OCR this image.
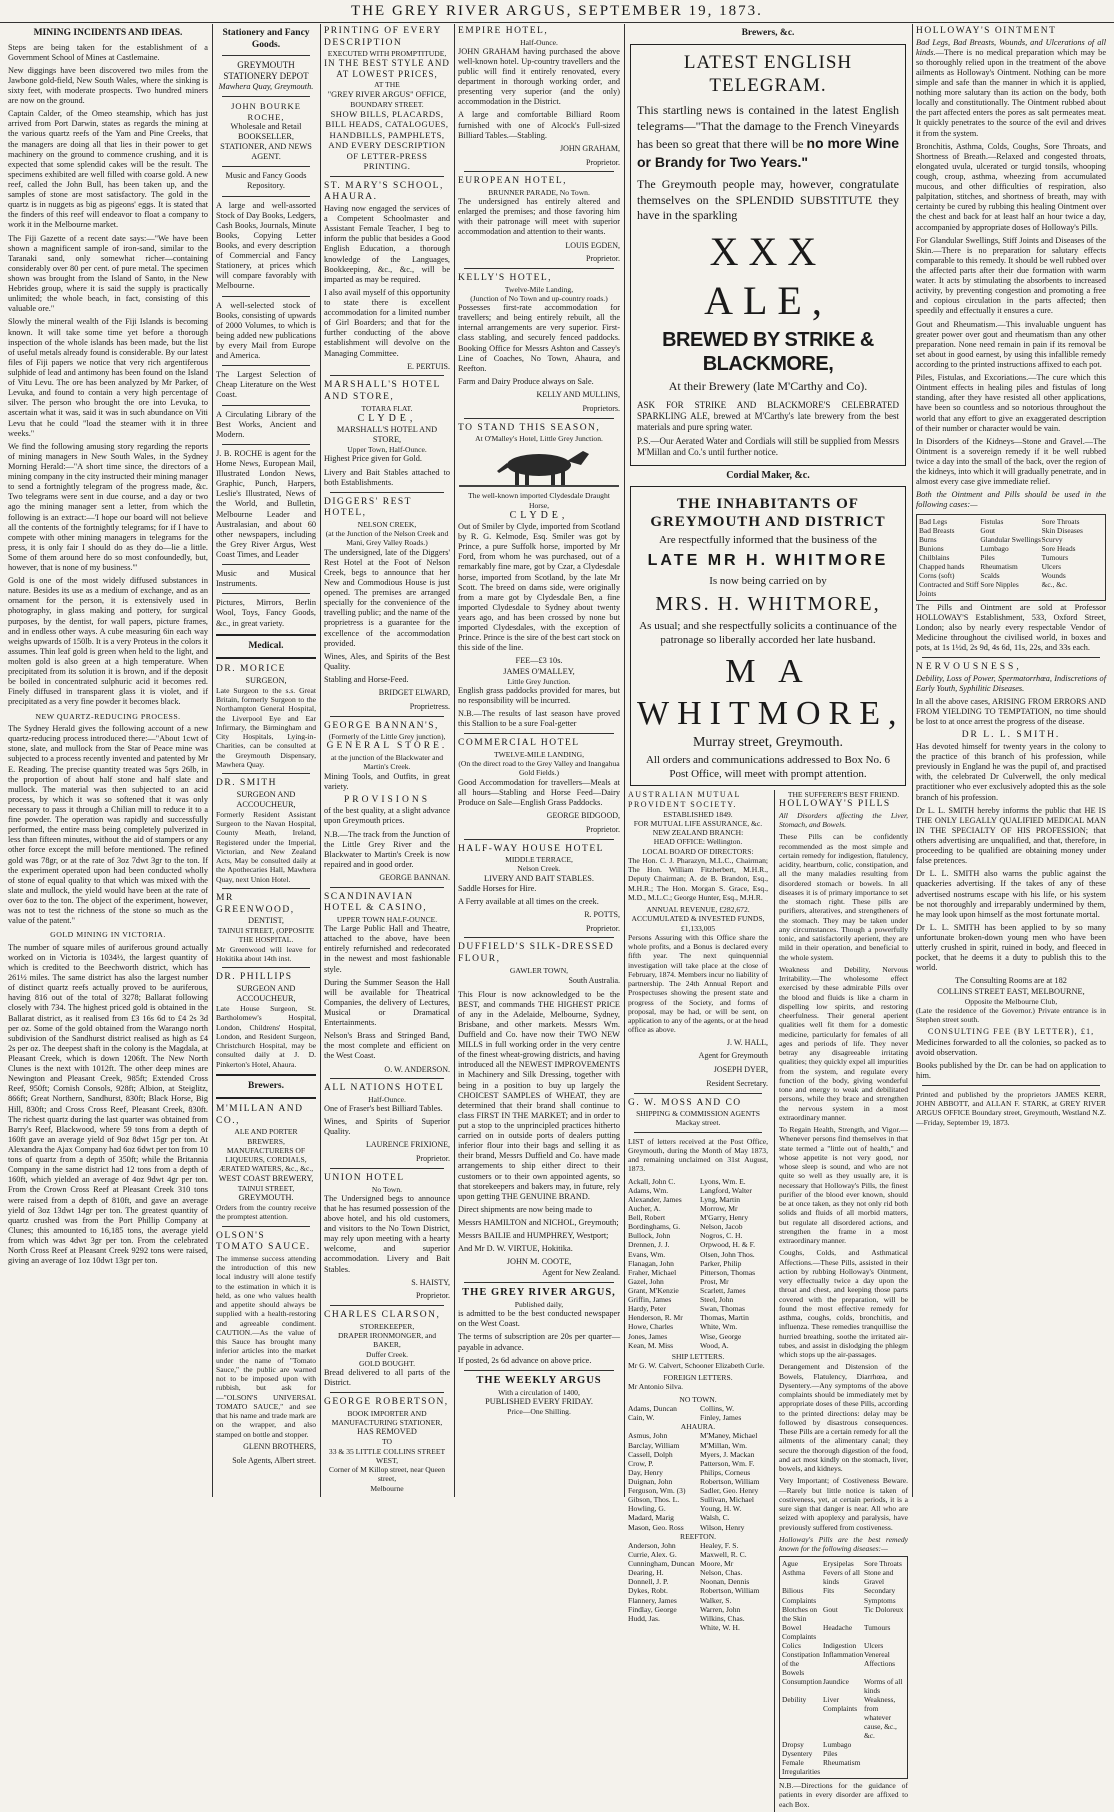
THE GREY RIVER ARGUS, SEPTEMBER 19, 1873.
MINING INCIDENTS AND IDEAS.

Steps are being taken for the establishment of a Government School of Mines at Castlemaine.

New diggings have been discovered two miles from the Jawbone gold-field, New South Wales, where the sinking is sixty feet, with moderate prospects. Two hundred miners are now on the ground.

Captain Calder, of the Omeo steamship, which has just arrived from Port Darwin, states as regards the mining at the various quartz reefs of the Yam and Pine Creeks, that the managers are doing all that lies in their power to get machinery on the ground to commence crushing, and it is expected that some splendid cakes will be the result. The specimens exhibited are well filled with coarse gold. A new reef, called the John Bull, has been taken up, and the samples of stone are most satisfactory. The gold in the quartz is in nuggets as big as pigeons' eggs. It is stated that the finders of this reef will endeavor to float a company to work it in the Melbourne market.

The Fiji Gazette of a recent date says:—"We have been shown a magnificent sample of iron-sand, similar to the Taranaki sand, only somewhat richer—containing considerably over 80 per cent. of pure metal. The specimen shown was brought from the Island of Santo, in the New Hebrides group, where it is said the supply is practically unlimited; the whole beach, in fact, consisting of this valuable ore."

Slowly the mineral wealth of the Fiji Islands is becoming known. It will take some time yet before a thorough inspection of the whole islands has been made, but the list of useful metals already found is considerable. By our latest files of Fiji papers we notice that very rich argentiferous sulphide of lead and antimony has been found on the Island of Vitu Levu. The ore has been analyzed by Mr Parker, of Levuka, and found to contain a very high percentage of silver. The person who brought the ore into Levuka, to ascertain what it was, said it was in such abundance on Viti Levu that he could "load the steamer with it in three weeks."

We find the following amusing story regarding the reports of mining managers in New South Wales, in the Sydney Morning Herald:—"A short time since, the directors of a mining company in the city instructed their mining manager to send a fortnightly telegram of the progress made, &c. Two telegrams were sent in due course, and a day or two ago the mining manager sent a letter, from which the following is an extract:—'I hope our board will not believe all the contents of the fortnightly telegrams; for if I have to compete with other mining managers in telegrams for the press, it is only fair I should do as they do—lie a little. Some of them around here do so most confoundedly, but, however, that is none of my business.'"

Gold is one of the most widely diffused substances in nature. Besides its use as a medium of exchange, and as an ornament for the person, it is extensively used in photography, in glass making and pottery, for surgical purposes, by the dentist, for wall papers, picture frames, and in endless other ways. A cube measuring 6in each way weighs upwards of 150lb. It is a very Proteus in the colors it assumes. Thin leaf gold is green when held to the light, and molten gold is also green at a high temperature. When precipitated from its solution it is brown, and if the deposit be boiled in concentrated sulphuric acid it becomes red. Finely diffused in transparent glass it is violet, and if precipitated as a very fine powder it becomes black.

NEW QUARTZ-REDUCING PROCESS.

The Sydney Herald gives the following account of a new quartz-reducing process introduced there:—"About 1cwt of stone, slate, and mullock from the Star of Peace mine was subjected to a process recently invented and patented by Mr E. Reading. The precise quantity treated was 5qrs 26lb, in the proportion of about half stone and half slate and mullock. The material was then subjected to an acid process, by which it was so softened that it was only necessary to pass it through a Chilian mill to reduce it to a fine powder. The operation was rapidly and successfully performed, the entire mass being completely pulverized in less than fifteen minutes, without the aid of stampers or any other force except the mill before mentioned. The refined gold was 78gr, or at the rate of 3oz 7dwt 3gr to the ton. If the experiment operated upon had been conducted wholly of stone of equal quality to that which was mixed with the slate and mullock, the yield would have been at the rate of over 6oz to the ton. The object of the experiment, however, was not to test the richness of the stone so much as the value of the patent."

GOLD MINING IN VICTORIA.

The number of square miles of auriferous ground actually worked on in Victoria is 1034½, the largest quantity of which is credited to the Beechworth district, which has 261½ miles. The same district has also the largest number of distinct quartz reefs actually proved to be auriferous, having 816 out of the total of 3278; Ballarat following closely with 734. The highest priced gold is obtained in the Ballarat district, as it realised from £3 16s 6d to £4 2s 3d per oz. Some of the gold obtained from the Warango north subdivision of the Sandhurst district realised as high as £4 2s per oz. The deepest shaft in the colony is the Magdala, at Pleasant Creek, which is down 1206ft. The New North Clunes is the next with 1012ft. The other deep mines are Newington and Pleasant Creek, 985ft; Extended Cross Reef, 950ft; Cornish Consols, 928ft; Albion, at Steiglitz, 866ft; Great Northern, Sandhurst, 830ft; Black Horse, Big Hill, 830ft; and Cross Cross Reef, Pleasant Creek, 830ft. The richest quartz during the last quarter was obtained from Barry's Reef, Blackwood, where 59 tons from a depth of 160ft gave an average yield of 9oz 8dwt 15gr per ton. At Alexandra the Ajax Company had 6oz 6dwt per ton from 10 tons of quartz from a depth of 350ft; while the Britannia Company in the same district had 12 tons from a depth of 160ft, which yielded an average of 4oz 9dwt 4gr per ton. From the Crown Cross Reef at Pleasant Creek 310 tons were raised from a depth of 810ft, and gave an average yield of 3oz 13dwt 14gr per ton. The greatest quantity of quartz crushed was from the Port Phillip Company at Clunes; this amounted to 16,185 tons, the average yield from which was 4dwt 3gr per ton. From the celebrated North Cross Reef at Pleasant Creek 9292 tons were raised, giving an average of 1oz 10dwt 13gr per ton.

Stationery and Fancy Goods.
GREYMOUTH STATIONERY DEPOT
Mawhera Quay, Greymouth.
JOHN BOURKE ROCHE,
Wholesale and Retail
BOOKSELLER, STATIONER, AND NEWS AGENT.
Music and Fancy Goods Repository.

A large and well-assorted Stock of Day Books, Ledgers, Cash Books, Journals, Minute Books, Copying Letter Books, and every description of Commercial and Fancy Stationery, at prices which will compare favorably with Melbourne.

A well-selected stock of Books, consisting of upwards of 2000 Volumes, to which is being added new publications by every Mail from Europe and America.

The Largest Selection of Cheap Literature on the West Coast.

A Circulating Library of the Best Works, Ancient and Modern.

J. B. ROCHE is agent for the Home News, European Mail, Illustrated London News, Graphic, Punch, Harpers, Leslie's Illustrated, News of the World, and Bulletin, Melbourne Leader and Australasian, and about 60 other newspapers, including the Grey River Argus, West Coast Times, and Leader

Music and Musical Instruments.

Pictures, Mirrors, Berlin Wool, Toys, Fancy Goods, &c., in great variety.

Medical.
DR. MORICE
SURGEON,

Late Surgeon to the s.s. Great Britain, formerly Surgeon to the Northampton General Hospital, the Liverpool Eye and Ear Infirmary, the Birmingham and City Hospitals, Lying-in-Charities, can be consulted at the Greymouth Dispensary, Mawhera Quay.

DR. SMITH
SURGEON AND ACCOUCHEUR,

Formerly Resident Assistant Surgeon to the Navan Hospital, County Meath, Ireland, Registered under the Imperial, Victorian, and New Zealand Acts, May be consulted daily at the Apothecaries Hall, Mawhera Quay, next Union Hotel.

MR GREENWOOD,
DENTIST,
TAINUI STREET, (OPPOSITE THE HOSPITAL.

Mr Greenwood will leave for Hokitika about 14th inst.

DR. PHILLIPS
SURGEON AND ACCOUCHEUR,

Late House Surgeon, St. Bartholomew's Hospital, London, Childrens' Hospital, London, and Resident Surgeon, Christchurch Hospital, may be consulted daily at J. D. Pinkerton's Hotel, Ahaura.

Brewers.
M'MILLAN AND CO.,
ALE AND PORTER BREWERS,
MANUFACTURERS OF LIQUEURS, CORDIALS, ÆRATED WATERS, &c., &c.,
WEST COAST BREWERY,
TAINUI STREET,
GREYMOUTH.

Orders from the country receive the promptest attention.

OLSON'S TOMATO SAUCE.

The immense success attending the introduction of this new local industry will alone testify to the estimation in which it is held, as one who values health and appetite should always be supplied with a health-restoring and agreeable condiment. CAUTION.—As the value of this Sauce has brought many inferior articles into the market under the name of "Tomato Sauce," the public are warned not to be imposed upon with rubbish, but ask for—"OLSON'S UNIVERSAL TOMATO SAUCE," and see that his name and trade mark are on the wrapper, and also stamped on bottle and stopper.

GLENN BROTHERS,
Sole Agents, Albert street.
PRINTING OF EVERY DESCRIPTION
EXECUTED WITH PROMPTITUDE,
IN THE BEST STYLE AND AT LOWEST PRICES,
AT THE
"GREY RIVER ARGUS" OFFICE,
BOUNDARY STREET.
SHOW BILLS, PLACARDS, BILL HEADS, CATALOGUES, HANDBILLS, PAMPHLETS,
AND EVERY DESCRIPTION OF LETTER-PRESS PRINTING.
ST. MARY'S SCHOOL, AHAURA.

Having now engaged the services of a Competent Schoolmaster and Assistant Female Teacher, I beg to inform the public that besides a Good English Education, a thorough knowledge of the Languages, Bookkeeping, &c., &c., will be imparted as may be required.

I also avail myself of this opportunity to state there is excellent accommodation for a limited number of Girl Boarders; and that for the further conducting of the above establishment will devolve on the Managing Committee.

E. PERTUIS.
MARSHALL'S HOTEL AND STORE,
TOTARA FLAT.
CLYDE,
MARSHALL'S HOTEL AND STORE,
Upper Town, Half-Ounce.

Highest Price given for Gold.

Livery and Bait Stables attached to both Establishments.

DIGGERS' REST HOTEL,
NELSON CREEK,
(at the Junction of the Nelson Creek and Mani, Grey Valley Roads.)

The undersigned, late of the Diggers' Rest Hotel at the Foot of Nelson Creek, begs to announce that her New and Commodious House is just opened. The premises are arranged specially for the convenience of the travelling public; and the name of the proprietress is a guarantee for the excellence of the accommodation provided.

Wines, Ales, and Spirits of the Best Quality.

Stabling and Horse-Feed.

BRIDGET ELWARD,
Proprietress.
GEORGE BANNAN'S,
(Formerly of the Little Grey junction),
GENERAL STORE.
at the junction of the Blackwater and Martin's Creek.

Mining Tools, and Outfits, in great variety.

PROVISIONS

of the best quality, at a slight advance upon Greymouth prices.

N.B.—The track from the Junction of the Little Grey River and the Blackwater to Martin's Creek is now repaired and in good order.

GEORGE BANNAN.
SCANDINAVIAN HOTEL & CASINO,
UPPER TOWN HALF-OUNCE.

The Large Public Hall and Theatre, attached to the above, have been entirely refurnished and redecorated in the newest and most fashionable style.

During the Summer Season the Hall will be available for Theatrical Companies, the delivery of Lectures, Musical or Dramatical Entertainments.

Nelson's Brass and Stringed Band, the most complete and efficient on the West Coast.

O. W. ANDERSON.
ALL NATIONS HOTEL
Half-Ounce.

One of Fraser's best Billiard Tables.

Wines, and Spirits of Superior Quality.

LAURENCE FRIXIONE,
Proprietor.
UNION HOTEL
No Town.

The Undersigned begs to announce that he has resumed possession of the above hotel, and his old customers, and visitors to the No Town District, may rely upon meeting with a hearty welcome, and superior accommodation. Livery and Bait Stables.

S. HAISTY,
Proprietor.
CHARLES CLARSON,
STOREKEEPER,
DRAPER IRONMONGER, and BAKER,
Duffer Creek.
GOLD BOUGHT.

Bread delivered to all parts of the District.

GEORGE ROBERTSON,
BOOK IMPORTER AND MANUFACTURING STATIONER,
HAS REMOVED
TO
33 & 35 LITTLE COLLINS STREET WEST,
Corner of M Killop street, near Queen street,
Melbourne
EMPIRE HOTEL,
Half-Ounce.

JOHN GRAHAM having purchased the above well-known hotel. Up-country travellers and the public will find it entirely renovated, every department in thorough working order, and presenting very superior (and the only) accommodation in the District.

A large and comfortable Billiard Room furnished with one of Alcock's Full-sized Billiard Tables.—Stabling.

JOHN GRAHAM,
Proprietor.
EUROPEAN HOTEL,
BRUNNER PARADE, No Town.

The undersigned has entirely altered and enlarged the premises; and those favoring him with their patronage will meet with superior accommodation and attention to their wants.

LOUIS EGDEN,
Proprietor.
KELLY'S HOTEL,
Twelve-Mile Landing,
(Junction of No Town and up-country roads.)

Possesses first-rate accommodation for travellers; and being entirely rebuilt, all the internal arrangements are very superior. First-class stabling, and securely fenced paddocks. Booking Office for Messrs Ashton and Cassey's Line of Coaches, No Town, Ahaura, and Reefton.

Farm and Dairy Produce always on Sale.

KELLY AND MULLINS,
Proprietors.
TO STAND THIS SEASON,
At O'Malley's Hotel, Little Grey Junction.
The well-known imported Clydesdale Draught Horse,
CLYDE,

Out of Smiler by Clyde, imported from Scotland by R. G. Kelmode, Esq. Smiler was got by Prince, a pure Suffolk horse, imported by Mr Ford, from whom he was purchased, out of a remarkably fine mare, got by Czar, a Clydesdale horse, imported from Scotland, by the late Mr Scott. The breed on dams side, were originally from a mare got by Clydesdale Ben, a fine imported Clydesdale to Sydney about twenty years ago, and has been crossed by none but imported Clydesdales, with the exception of Prince. Prince is the sire of the best cart stock on this side of the line.

FEE—£3 10s.
JAMES O'MALLEY,
Little Grey Junction.

English grass paddocks provided for mares, but no responsibility will be incurred.

N.B.—The results of last season have proved this Stallion to be a sure Foal-getter

COMMERCIAL HOTEL
TWELVE-MILE LANDING,
(On the direct road to the Grey Valley and Inangahua Gold Fields.)

Good Accommodation for travellers—Meals at all hours—Stabling and Horse Feed—Dairy Produce on Sale—English Grass Paddocks.

GEORGE BIDGOOD,
Proprietor.
HALF-WAY HOUSE HOTEL
MIDDLE TERRACE,
Nelson Creek.
LIVERY AND BAIT STABLES.

Saddle Horses for Hire.

A Ferry available at all times on the creek.

R. POTTS,
Proprietor.
DUFFIELD'S SILK-DRESSED FLOUR,
GAWLER TOWN,
South Australia.

This Flour is now acknowledged to be the BEST, and commands THE HIGHEST PRICE of any in the Adelaide, Melbourne, Sydney, Brisbane, and other markets. Messrs Wm. Duffield and Co. have now their TWO NEW MILLS in full working order in the very centre of the finest wheat-growing districts, and having introduced all the NEWEST IMPROVEMENTS in Machinery and Silk Dressing, together with being in a position to buy up largely the CHOICEST SAMPLES of WHEAT, they are determined that their brand shall continue to class FIRST IN THE MARKET; and in order to put a stop to the unprincipled practices hitherto carried on in outside ports of dealers putting inferior flour into their bags and selling it as their brand, Messrs Duffield and Co. have made arrangements to ship either direct to their customers or to their own appointed agents, so that storekeepers and bakers may, in future, rely upon getting THE GENUINE BRAND.

Direct shipments are now being made to

Messrs HAMILTON and NICHOL, Greymouth;

Messrs BAILIE and HUMPHREY, Westport;

And Mr D. W. VIRTUE, Hokitika.

JOHN M. COOTE,
Agent for New Zealand.
THE GREY RIVER ARGUS,
Published daily,

is admitted to be the best conducted newspaper on the West Coast.

The terms of subscription are 20s per quarter—payable in advance.

If posted, 2s 6d advance on above price.

THE WEEKLY ARGUS
With a circulation of 1400,
PUBLISHED EVERY FRIDAY.
Price—One Shilling.
Brewers, &c.
LATEST ENGLISH TELEGRAM.
This startling news is contained in the latest English telegrams—"That the damage to the French Vineyards has been so great that there will be no more Wine or Brandy for Two Years."
The Greymouth people may, however, congratulate themselves on the SPLENDID SUBSTITUTE they have in the sparkling
XXX ALE,
BREWED BY STRIKE & BLACKMORE,
At their Brewery (late M'Carthy and Co).

ASK FOR STRIKE AND BLACKMORE'S CELEBRATED SPARKLING ALE, brewed at M'Carthy's late brewery from the best materials and pure spring water.

P.S.—Our Aerated Water and Cordials will still be supplied from Messrs M'Millan and Co.'s until further notice.

Cordial Maker, &c.
THE INHABITANTS OF GREYMOUTH AND DISTRICT
Are respectfully informed that the business of the
LATE MR H. WHITMORE
Is now being carried on by
MRS. H. WHITMORE,
As usual; and she respectfully solicits a continuance of the patronage so liberally accorded her late husband.
M A WHITMORE,
Murray street, Greymouth.
All orders and communications addressed to Box No. 6 Post Office, will meet with prompt attention.
AUSTRALIAN MUTUAL PROVIDENT SOCIETY.
ESTABLISHED 1849.
FOR MUTUAL LIFE ASSURANCE, &c.
NEW ZEALAND BRANCH:
HEAD OFFICE: Wellington.
LOCAL BOARD OF DIRECTORS:

The Hon. C. J. Pharazyn, M.L.C., Chairman; The Hon. William Fitzherbert, M.H.R., Deputy Chairman; A. de B. Brandon, Esq., M.H.R.; The Hon. Morgan S. Grace, Esq., M.D., M.L.C.; George Hunter, Esq., M.H.R.

ANNUAL REVENUE, £282,672.
ACCUMULATED & INVESTED FUNDS, £1,133,005

Persons Assuring with this Office share the whole profits, and a Bonus is declared every fifth year. The next quinquennial investigation will take place at the close of February, 1874. Members incur no liability of partnership. The 24th Annual Report and Prospectuses showing the present state and progress of the Society, and forms of proposal, may be had, or will be sent, on application to any of the agents, or at the head office as above.

J. W. HALL,
Agent for Greymouth
JOSEPH DYER,
Resident Secretary.
G. W. MOSS AND CO
SHIPPING & COMMISSION AGENTS
Mackay street.

LIST of letters received at the Post Office, Greymouth, during the Month of May 1873, and remaining unclaimed on 31st August, 1873.

Ackall, John C.	Lyons, Wm. E.
Adams, Wm.	Langford, Walter
Alexander, James	Lyng, Martin
Aucher, A.	Morrow, Mr
Bell, Robert	M'Garry, Henry
Bordinghams, G.	Nelson, Jacob
Bullock, John	Nogros, C. H.
Drennen, J. J.	Orpwood, H. & F.
Evans, Wm.	Olsen, John Thos.
Flanagan, John	Parker, Philip
Fraher, Michael	Pitterson, Thomas
Gazel, John	Prost, Mr
Grant, M'Kenzie	Scarlett, James
Griffin, James	Steel, John
Hardy, Peter	Swan, Thomas
Henderson, R. Mr	Thomas, Martin
Howe, Charles	White, Wm.
Jones, James	Wise, George
Kean, M. Miss	Wood, A.
SHIP LETTERS.

Mr G. W. Calvert, Schooner Elizabeth Curle.

FOREIGN LETTERS.

Mr Antonio Silva.

NO TOWN.
Adams, Duncan	Collins, W.
Cain, W.	Finley, James
AHAURA.
Asmus, John	M'Maney, Michael
Barclay, William	M'Millan, Wm.
Cassell, Dolph	Myers, J. Mackan
Crow, P.	Patterson, Wm. F.
Day, Henry	Philips, Corneus
Duignan, John	Robertson, William
Ferguson, Wm. (3)	Sadler, Geo. Henry
Gibson, Thos. L.	Sullivan, Michael
Howling, G.	Young, H. W.
Madard, Marig	Walsh, C.
Mason, Geo. Ross	Wilson, Henry
REEFTON.
Anderson, John	Healey, F. S.
Currie, Alex. G.	Maxwell, R. C.
Cunningham, Duncan Moore, Mr
Dearing, H.	Nelson, Chas.
Donnell, J. P.	Noonan, Dennis
Dykes, Robt.	Robertson, William
Flannery, James	Walker, S.
Findlay, George	Warren, John
Hudd, Jas.	Wilkins, Chas.
White, W. H.
THE SUFFERER'S BEST FRIEND.
HOLLOWAY'S PILLS

All Disorders affecting the Liver, Stomach, and Bowels.

These Pills can be confidently recommended as the most simple and certain remedy for indigestion, flatulency, acidity, heartburn, colic, constipation, and all the many maladies resulting from disordered stomach or bowels. In all diseases it is of primary importance to set the stomach right. These pills are purifiers, alteratives, and strengtheners of the stomach. They may be taken under any circumstances. Though a powerfully tonic, and satisfactorily aperient, they are mild in their operation, and beneficial to the whole system.

Weakness and Debility, Nervous Irritability.—The wholesome effect exercised by these admirable Pills over the blood and fluids is like a charm in dispelling low spirits, and restoring cheerfulness. Their general aperient qualities well fit them for a domestic medicine, particularly for females of all ages and periods of life. They never betray any disagreeable irritating qualities; they quickly expel all impurities from the system, and regulate every function of the body, giving wonderful tone and energy to weak and debilitated persons, while they brace and strengthen the nervous system in a most extraordinary manner.

To Regain Health, Strength, and Vigor.—Whenever persons find themselves in that state termed a "little out of health," and whose appetite is not very good, nor whose sleep is sound, and who are not quite so well as they usually are, it is necessary that Holloway's Pills, the finest purifier of the blood ever known, should be at once taken, as they not only rid both solids and fluids of all morbid matters, but regulate all disordered actions, and strengthen the frame in a most extraordinary manner.

Coughs, Colds, and Asthmatical Affections.—These Pills, assisted in their action by rubbing Holloway's Ointment, very effectually twice a day upon the throat and chest, and keeping those parts covered with the preparation, will be found the most effective remedy for asthma, coughs, colds, bronchitis, and influenza. These remedies tranquillise the hurried breathing, soothe the irritated air-tubes, and assist in dislodging the phlegm which stops up the air-passages.

Derangement and Distension of the Bowels, Flatulency, Diarrhœa, and Dysentery.—Any symptoms of the above complaints should be immediately met by appropriate doses of these Pills, according to the printed directions: delay may be followed by disastrous consequences. These Pills are a certain remedy for all the ailments of the alimentary canal; they secure the thorough digestion of the food, and act most kindly on the stomach, liver, bowels, and kidneys.

Very Important; of Costiveness Beware.—Rarely but little notice is taken of costiveness, yet, at certain periods, it is a sure sign that danger is near. All who are seized with apoplexy and paralysis, have previously suffered from costiveness.

Holloway's Pills are the best remedy known for the following diseases:—

Ague	Erysipelas	Sore Throats
Asthma	Fevers of all kinds
Stone and Gravel
Bilious Complaints
Fits	Secondary Symptoms
Blotches on the Skin
Gout	Tic Doloreux
Bowel Complaints
Headache	Tumours
Colics	Indigestion	Ulcers
Constipation of the Bowels
Inflammation Venereal Affections
Consumption Jaundice	Worms of all kinds
Debility	Liver Complaints
Weakness, from whatever cause, &c., &c.
Dropsy	Lumbago
Dysentery	Piles
Female Irregularities
Rheumatism

N.B.—Directions for the guidance of patients in every disorder are affixed to each Box.

HOLLOWAY'S OINTMENT

Bad Legs, Bad Breasts, Wounds, and Ulcerations of all kinds.—There is no medical preparation which may be so thoroughly relied upon in the treatment of the above ailments as Holloway's Ointment. Nothing can be more simple and safe than the manner in which it is applied, nothing more salutary than its action on the body, both locally and constitutionally. The Ointment rubbed about the part affected enters the pores as salt permeates meat. It quickly penetrates to the source of the evil and drives it from the system.

Bronchitis, Asthma, Colds, Coughs, Sore Throats, and Shortness of Breath.—Relaxed and congested throats, elongated uvula, ulcerated or turgid tonsils, whooping cough, croup, asthma, wheezing from accumulated mucous, and other difficulties of respiration, also palpitation, stitches, and shortness of breath, may with certainty be cured by rubbing this healing Ointment over the chest and back for at least half an hour twice a day, accompanied by appropriate doses of Holloway's Pills.

For Glandular Swellings, Stiff Joints and Diseases of the Skin.—There is no preparation for salutary effects comparable to this remedy. It should be well rubbed over the affected parts after their due formation with warm water. It acts by stimulating the absorbents to increased activity, by preventing congestion and promoting a free and copious circulation in the parts affected; then speedily and effectually it ensures a cure.

Gout and Rheumatism.—This invaluable unguent has greater power over gout and rheumatism than any other preparation. None need remain in pain if its removal be set about in good earnest, by using this infallible remedy according to the printed instructions affixed to each pot.

Piles, Fistulas, and Excoriations.—The cure which this Ointment effects in healing piles and fistulas of long standing, after they have resisted all other applications, have been so countless and so notorious throughout the world that any effort to give an exaggerated description of their number or character would be vain.

In Disorders of the Kidneys—Stone and Gravel.—The Ointment is a sovereign remedy if it be well rubbed twice a day into the small of the back, over the region of the kidneys, into which it will gradually penetrate, and in almost every case give immediate relief.

Both the Ointment and Pills should be used in the following cases:—

Bad Legs	Fistulas	Sore Throats
Bad Breasts	Gout	Skin Diseases
Burns	Glandular Swellings Scurvy
Bunions	Lumbago	Sore Heads
Chilblains	Piles	Tumours
Chapped hands	Rheumatism	Ulcers
Corns (soft)	Scalds	Wounds
Contracted and Stiff Joints
Sore Nipples	&c., &c.

The Pills and Ointment are sold at Professor HOLLOWAY'S Establishment, 533, Oxford Street, London; also by nearly every respectable Vendor of Medicine throughout the civilised world, in boxes and pots, at 1s 1½d, 2s 9d, 4s 6d, 11s, 22s, and 33s each.

NERVOUSNESS,

Debility, Loss of Power, Spermatorrhœa, Indiscretions of Early Youth, Syphilitic Diseases.

In all the above cases, ARISING FROM ERRORS AND FROM YIELDING TO TEMPTATION, no time should be lost to at once arrest the progress of the disease.

DR L. L. SMITH.

Has devoted himself for twenty years in the colony to the practice of this branch of his profession, while previously in England he was the pupil of, and practised with, the celebrated Dr Culverwell, the only medical practitioner who ever exclusively adopted this as the sole branch of his profession.

Dr L. L. SMITH hereby informs the public that HE IS THE ONLY LEGALLY QUALIFIED MEDICAL MAN IN THE SPECIALTY OF HIS PROFESSION; that others advertising are unqualified, and that, therefore, in proceeding to be qualified are obtaining money under false pretences.

Dr L. L. SMITH also warns the public against the quackeries advertising. If the takes of any of these advertised nostrums escape with his life, or his system be not thoroughly and irreparably undermined by them, he may look upon himself as the most fortunate mortal.

Dr L. L. SMITH has been applied to by so many unfortunate broken-down young men who have been utterly crushed in spirit, ruined in body, and fleeced in pocket, that he deems it a duty to publish this to the world.

The Consulting Rooms are at 182
COLLINS STREET EAST, MELBOURNE,
Opposite the Melbourne Club,

(Late the residence of the Governor.) Private entrance is in Stephen street south.

CONSULTING FEE (BY LETTER), £1,

Medicines forwarded to all the colonies, so packed as to avoid observation.

Books published by the Dr. can be had on application to him.

Printed and published by the proprietors JAMES KERR, JOHN ABBOTT, and ALLAN F. STARK, at GREY RIVER ARGUS OFFICE Boundary street, Greymouth, Westland N.Z.—Friday, September 19, 1873.
